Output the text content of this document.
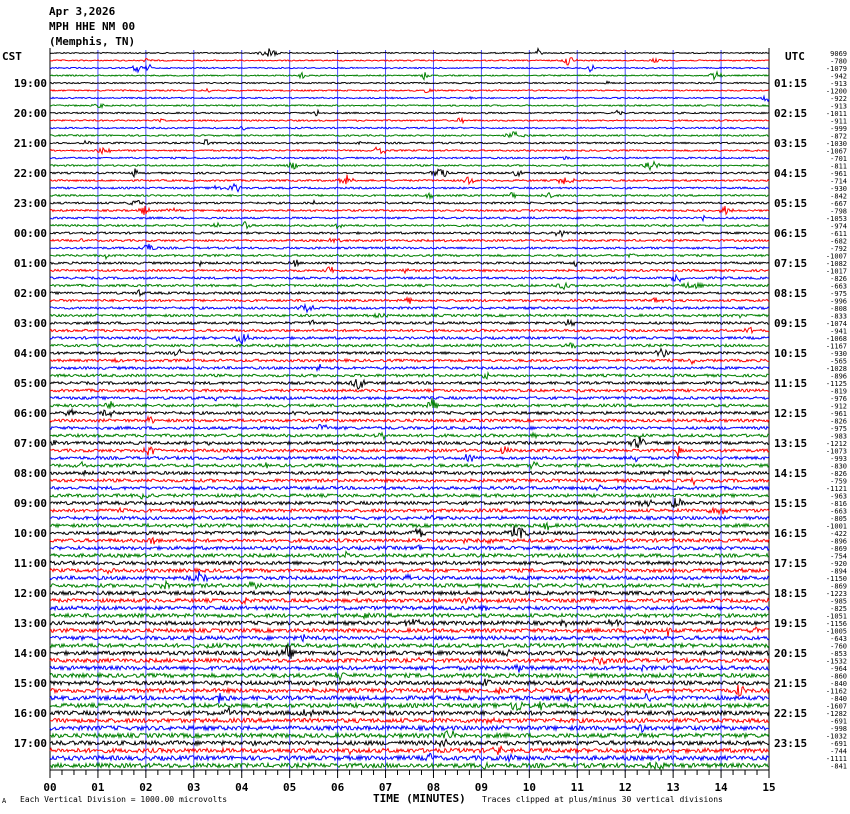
Apr 3,2026
MPH HHE NM 00
(Memphis, TN)
CST	UTC	9069
-780
-1079
-942
-913
-1200
-922
-913
-1011
-911
-999
-872
-1030
-1067
-701
-811
-961
-714
-930
-842
-667
-798
-1053
-974
-611
-682
-792
-1007
-1082
-1017
-826
-663
-975
-996
-808
-833
-1074
-941
-1068
-1167
-930
-565
-1028
-896
-1125
-819
-976
-912
-961
-826
-975
-983
-1212
-1073
-993
-830
-826
-759
-1121
-963
-816
-663
-805
-1001
-422
-896
-869
-754
-920
-894
-1150
-869
-1223
-985
-825
-1051
-1156
-1005
-643
-760
-853
-1532
-964
-860
-840
-1162
-840
-1607
-1282
-691
-998
-1032
-691
-744
-1111
-841
19:00
20:00
21:00
22:00
23:00
00:00
01:00
02:00
03:00
04:00
05:00
06:00
07:00
08:00
09:00
10:00
11:00
12:00
13:00
14:00
15:00
16:00
17:00
01:15
02:15
03:15
04:15
05:15
06:15
07:15
08:15
09:15
10:15
11:15
12:15
13:15
14:15
15:15
16:15
17:15
18:15
19:15
20:15
21:15
22:15
23:15
00	01	02	03	04	05	06	07	08	09	10	11	12	13	14	15
A Each Vertical Division = 1000.00 microvolts	TIME (MINUTES) Traces clipped at plus/minus 30 vertical divisions
